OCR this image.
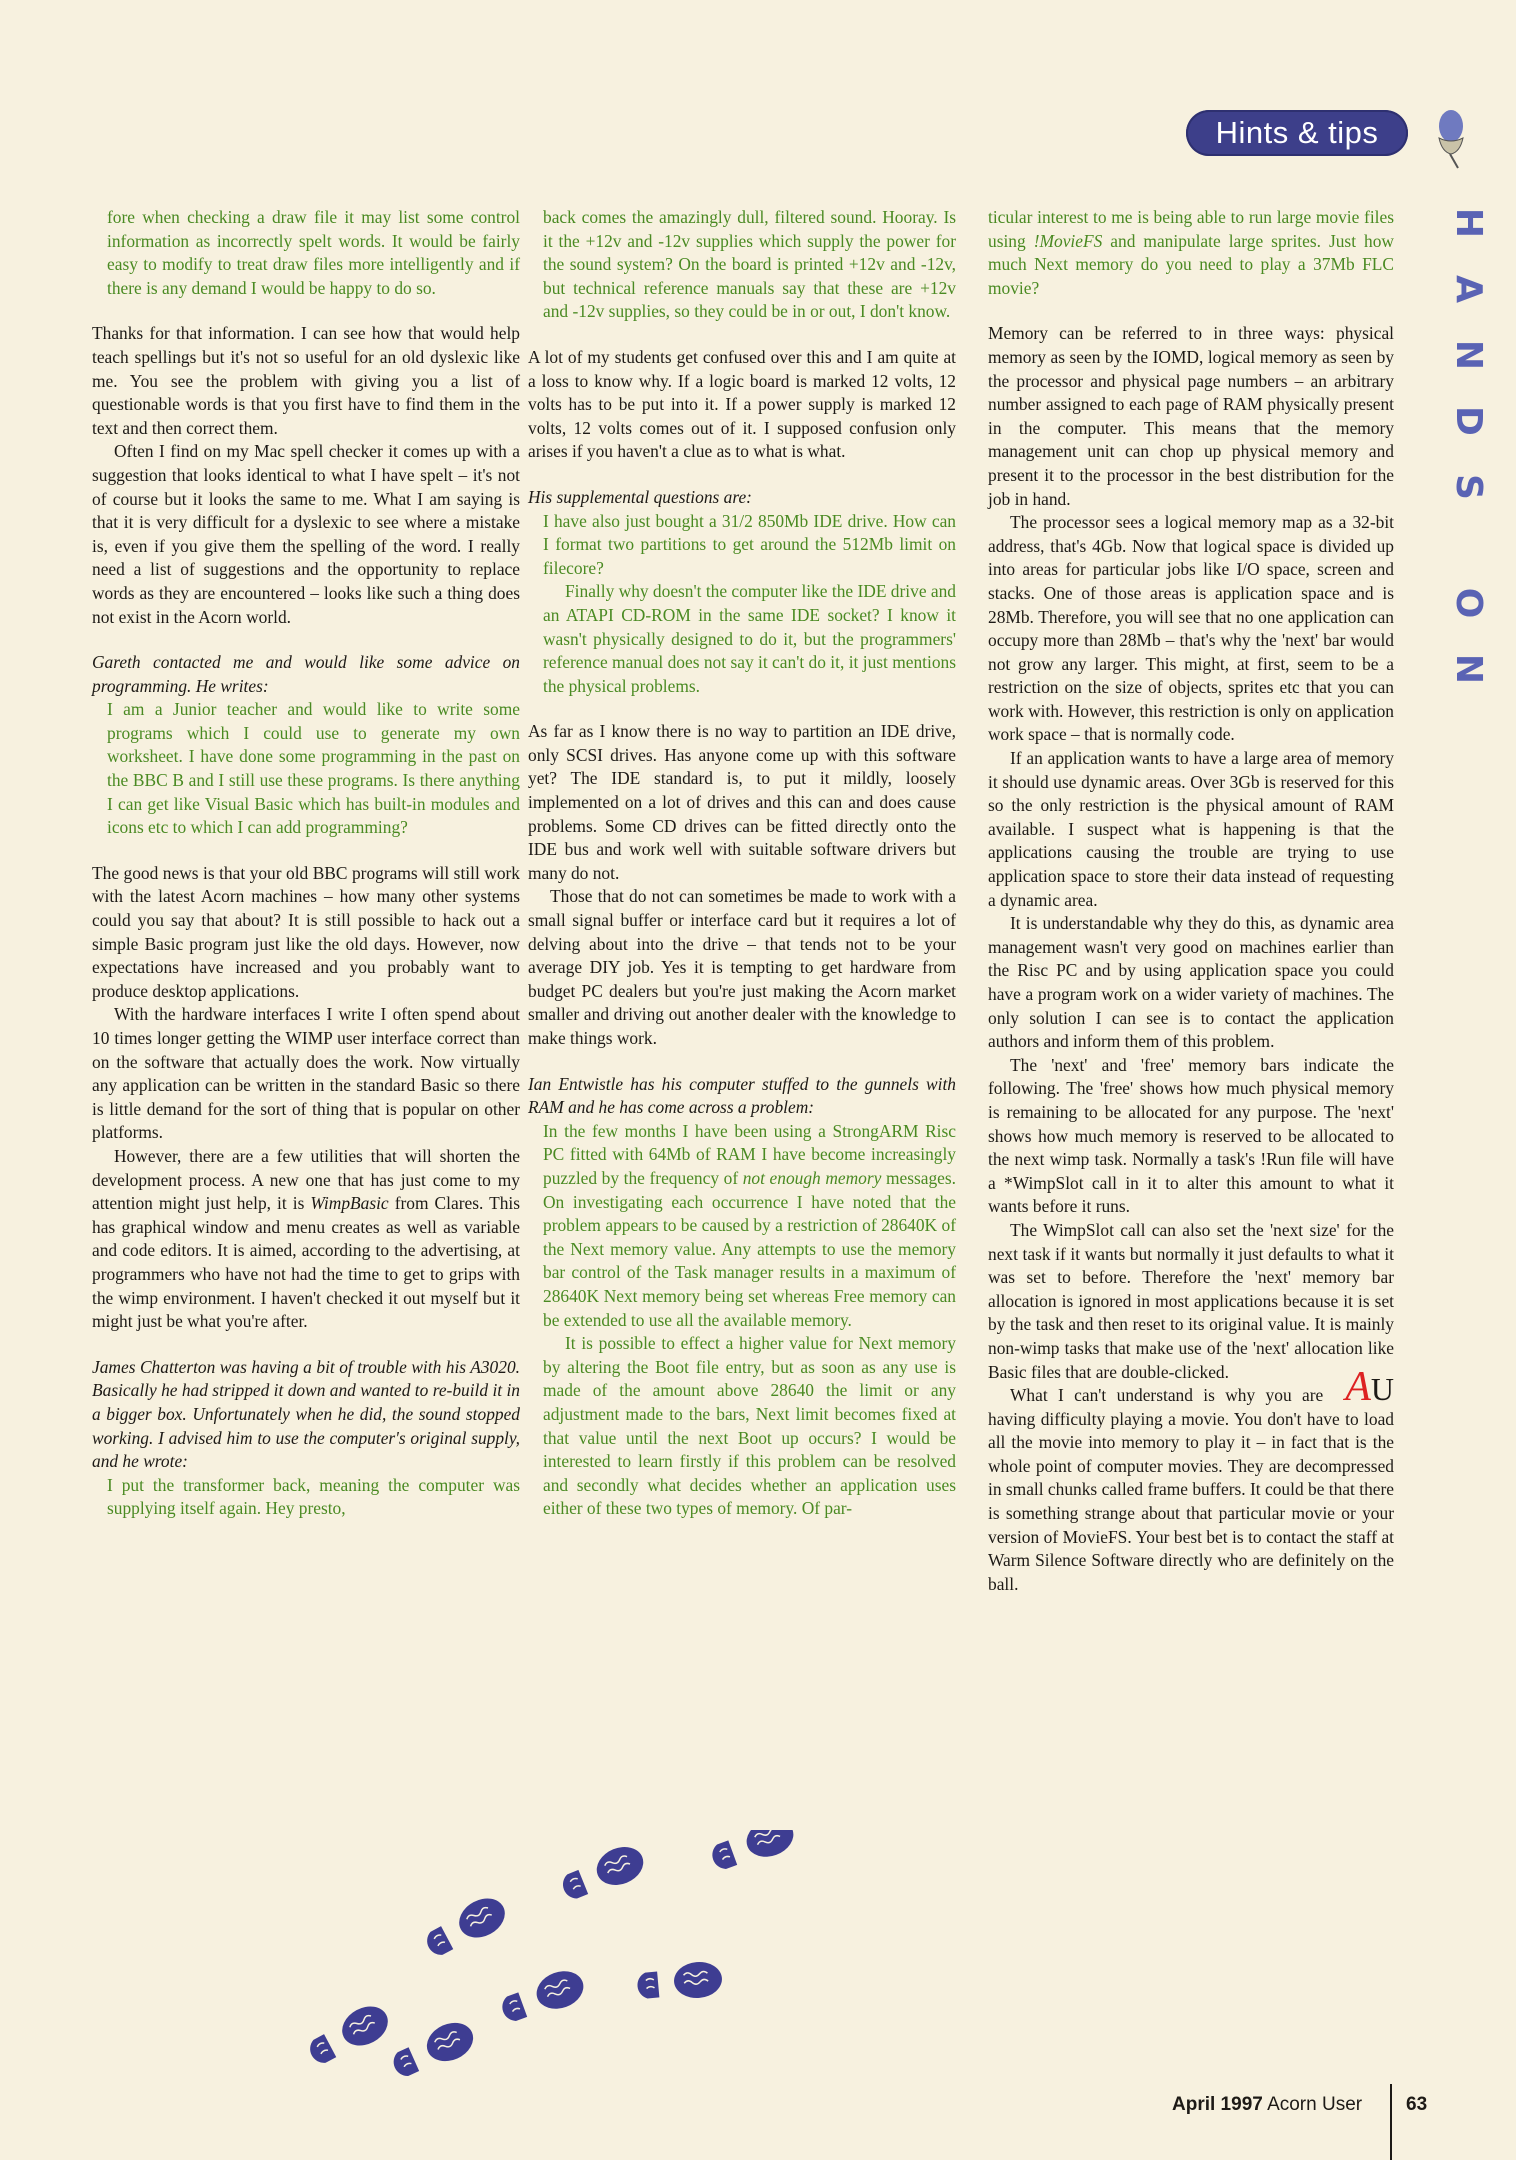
Hints & tips
H
A
N
D
S
O
N

fore when checking a draw file it may list some control information as incorrectly spelt words. It would be fairly easy to modify to treat draw files more intelligently and if there is any demand I would be happy to do so.

Thanks for that information. I can see how that would help teach spellings but it's not so useful for an old dyslexic like me. You see the problem with giving you a list of questionable words is that you first have to find them in the text and then correct them.

Often I find on my Mac spell checker it comes up with a suggestion that looks identical to what I have spelt – it's not of course but it looks the same to me. What I am saying is that it is very difficult for a dyslexic to see where a mistake is, even if you give them the spelling of the word. I really need a list of suggestions and the opportunity to replace words as they are encountered – looks like such a thing does not exist in the Acorn world.

Gareth contacted me and would like some advice on programming. He writes:

I am a Junior teacher and would like to write some programs which I could use to generate my own worksheet. I have done some programming in the past on the BBC B and I still use these programs. Is there anything I can get like Visual Basic which has built-in modules and icons etc to which I can add programming?

The good news is that your old BBC programs will still work with the latest Acorn machines – how many other systems could you say that about? It is still possible to hack out a simple Basic program just like the old days. However, now expectations have increased and you probably want to produce desktop applications.

With the hardware interfaces I write I often spend about 10 times longer getting the WIMP user interface correct than on the software that actually does the work. Now virtually any application can be written in the standard Basic so there is little demand for the sort of thing that is popular on other platforms.

However, there are a few utilities that will shorten the development process. A new one that has just come to my attention might just help, it is WimpBasic from Clares. This has graphical window and menu creates as well as variable and code editors. It is aimed, according to the advertising, at programmers who have not had the time to get to grips with the wimp environment. I haven't checked it out myself but it might just be what you're after.

James Chatterton was having a bit of trouble with his A3020. Basically he had stripped it down and wanted to re-build it in a bigger box. Unfortunately when he did, the sound stopped working. I advised him to use the computer's original supply, and he wrote:

I put the transformer back, meaning the computer was supplying itself again. Hey presto,

back comes the amazingly dull, filtered sound. Hooray. Is it the +12v and -12v supplies which supply the power for the sound system? On the board is printed +12v and -12v, but technical reference manuals say that these are +12v and -12v supplies, so they could be in or out, I don't know.

A lot of my students get confused over this and I am quite at a loss to know why. If a logic board is marked 12 volts, 12 volts has to be put into it. If a power supply is marked 12 volts, 12 volts comes out of it. I supposed confusion only arises if you haven't a clue as to what is what.

His supplemental questions are:

I have also just bought a 31/2 850Mb IDE drive. How can I format two partitions to get around the 512Mb limit on filecore?

Finally why doesn't the computer like the IDE drive and an ATAPI CD-ROM in the same IDE socket? I know it wasn't physically designed to do it, but the programmers' reference manual does not say it can't do it, it just mentions the physical problems.

As far as I know there is no way to partition an IDE drive, only SCSI drives. Has anyone come up with this software yet? The IDE standard is, to put it mildly, loosely implemented on a lot of drives and this can and does cause problems. Some CD drives can be fitted directly onto the IDE bus and work well with suitable software drivers but many do not.

Those that do not can sometimes be made to work with a small signal buffer or interface card but it requires a lot of delving about into the drive – that tends not to be your average DIY job. Yes it is tempting to get hardware from budget PC dealers but you're just making the Acorn market smaller and driving out another dealer with the knowledge to make things work.

Ian Entwistle has his computer stuffed to the gunnels with RAM and he has come across a problem:

In the few months I have been using a StrongARM Risc PC fitted with 64Mb of RAM I have become increasingly puzzled by the frequency of not enough memory messages. On investigating each occurrence I have noted that the problem appears to be caused by a restriction of 28640K of the Next memory value. Any attempts to use the memory bar control of the Task manager results in a maximum of 28640K Next memory being set whereas Free memory can be extended to use all the available memory.

It is possible to effect a higher value for Next memory by altering the Boot file entry, but as soon as any use is made of the amount above 28640 the limit or any adjustment made to the bars, Next limit becomes fixed at that value until the next Boot up occurs? I would be interested to learn firstly if this problem can be resolved and secondly what decides whether an application uses either of these two types of memory. Of par-

ticular interest to me is being able to run large movie files using !MovieFS and manipulate large sprites. Just how much Next memory do you need to play a 37Mb FLC movie?

Memory can be referred to in three ways: physical memory as seen by the IOMD, logical memory as seen by the processor and physical page numbers – an arbitrary number assigned to each page of RAM physically present in the computer. This means that the memory management unit can chop up physical memory and present it to the processor in the best distribution for the job in hand.

The processor sees a logical memory map as a 32-bit address, that's 4Gb. Now that logical space is divided up into areas for particular jobs like I/O space, screen and stacks. One of those areas is application space and is 28Mb. Therefore, you will see that no one application can occupy more than 28Mb – that's why the 'next' bar would not grow any larger. This might, at first, seem to be a restriction on the size of objects, sprites etc that you can work with. However, this restriction is only on application work space – that is normally code.

If an application wants to have a large area of memory it should use dynamic areas. Over 3Gb is reserved for this so the only restriction is the physical amount of RAM available. I suspect what is happening is that the applications causing the trouble are trying to use application space to store their data instead of requesting a dynamic area.

It is understandable why they do this, as dynamic area management wasn't very good on machines earlier than the Risc PC and by using application space you could have a program work on a wider variety of machines. The only solution I can see is to contact the application authors and inform them of this problem.

The 'next' and 'free' memory bars indicate the following. The 'free' shows how much physical memory is remaining to be allocated for any purpose. The 'next' shows how much memory is reserved to be allocated to the next wimp task. Normally a task's !Run file will have a *WimpSlot call in it to alter this amount to what it wants before it runs.

The WimpSlot call can also set the 'next size' for the next task if it wants but normally it just defaults to what it was set to before. Therefore the 'next' memory bar allocation is ignored in most applications because it is set by the task and then reset to its original value. It is mainly non-wimp tasks that make use of the 'next' allocation like Basic files that are double-clicked.	AU
What I can't understand is why you are having difficulty playing a movie. You don't have to load all the movie into memory to play it – in fact that is the whole point of computer movies. They are decompressed in small chunks called frame buffers. It could be that there is something strange about that particular movie or your version of MovieFS. Your best bet is to contact the staff at Warm Silence Software directly who are definitely on the ball.

April 1997 Acorn User 63
